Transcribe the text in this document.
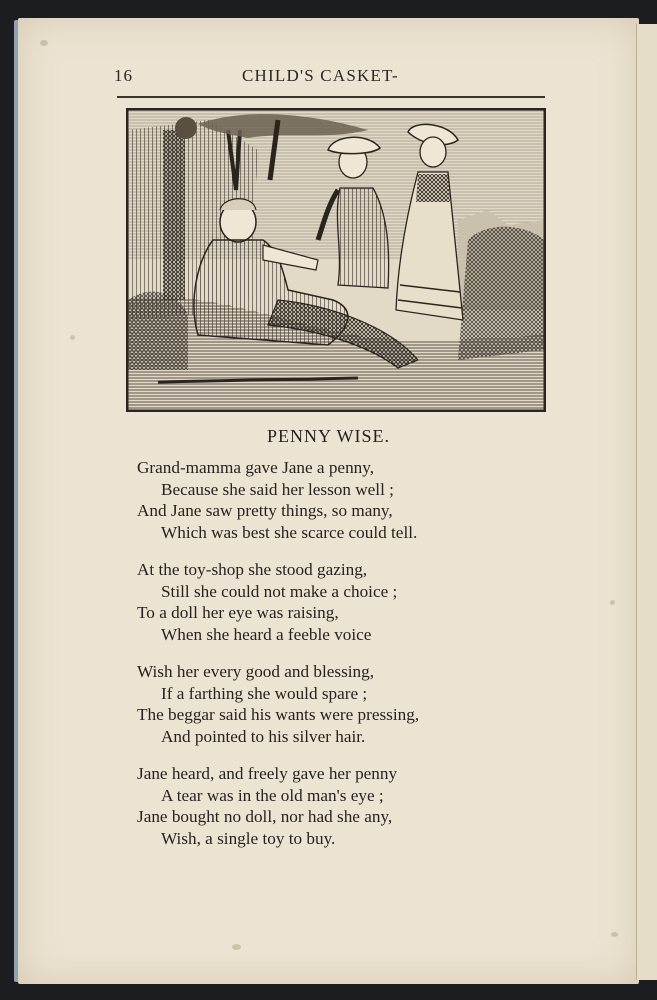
16	CHILD'S CASKET-
PENNY WISE.
Grand-mamma gave Jane a penny,
Because she said her lesson well ;
And Jane saw pretty things, so many,
Which was best she scarce could tell.
At the toy-shop she stood gazing,
Still she could not make a choice ;
To a doll her eye was raising,
When she heard a feeble voice
Wish her every good and blessing,
If a farthing she would spare ;
The beggar said his wants were pressing,
And pointed to his silver hair.
Jane heard, and freely gave her penny
A tear was in the old man's eye ;
Jane bought no doll, nor had she any,
Wish, a single toy to buy.
